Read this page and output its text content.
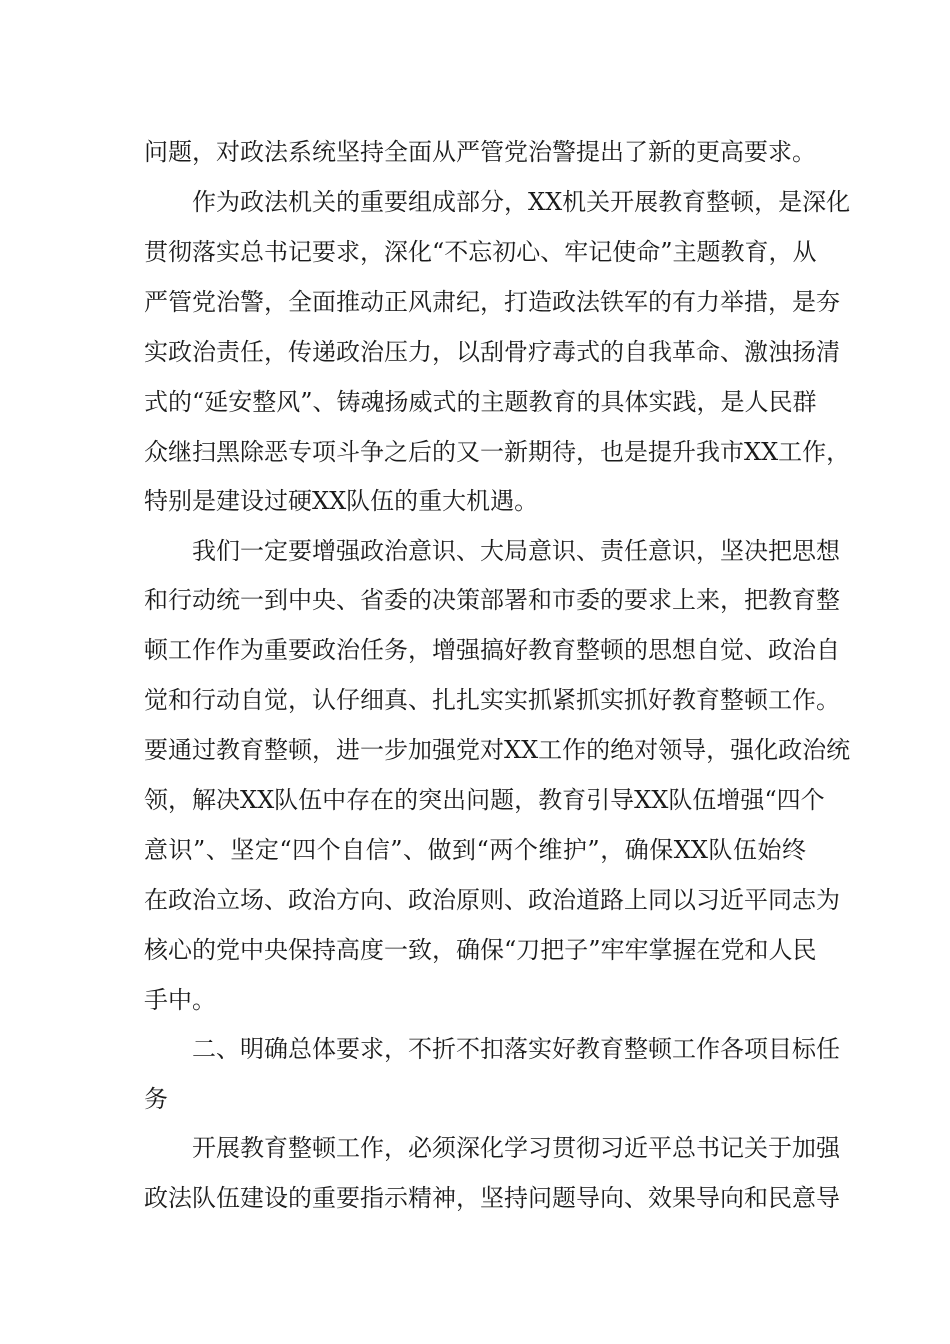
问题，对政法系统坚持全面从严管党治警提出了新的更高要求。
作为政法机关的重要组成部分，XX机关开展教育整顿，是深化
贯彻落实总书记要求，深化“不忘初心、牢记使命”主题教育，从
严管党治警，全面推动正风肃纪，打造政法铁军的有力举措，是夯
实政治责任，传递政治压力，以刮骨疗毒式的自我革命、激浊扬清
式的“延安整风”、铸魂扬威式的主题教育的具体实践，是人民群
众继扫黑除恶专项斗争之后的又一新期待，也是提升我市XX工作，
特别是建设过硬XX队伍的重大机遇。
我们一定要增强政治意识、大局意识、责任意识，坚决把思想
和行动统一到中央、省委的决策部署和市委的要求上来，把教育整
顿工作作为重要政治任务，增强搞好教育整顿的思想自觉、政治自
觉和行动自觉，认仔细真、扎扎实实抓紧抓实抓好教育整顿工作。
要通过教育整顿，进一步加强党对XX工作的绝对领导，强化政治统
领，解决XX队伍中存在的突出问题，教育引导XX队伍增强“四个
意识”、坚定“四个自信”、做到“两个维护”，确保XX队伍始终
在政治立场、政治方向、政治原则、政治道路上同以习近平同志为
核心的党中央保持高度一致，确保“刀把子”牢牢掌握在党和人民
手中。
二、明确总体要求，不折不扣落实好教育整顿工作各项目标任
务
开展教育整顿工作，必须深化学习贯彻习近平总书记关于加强
政法队伍建设的重要指示精神，坚持问题导向、效果导向和民意导
